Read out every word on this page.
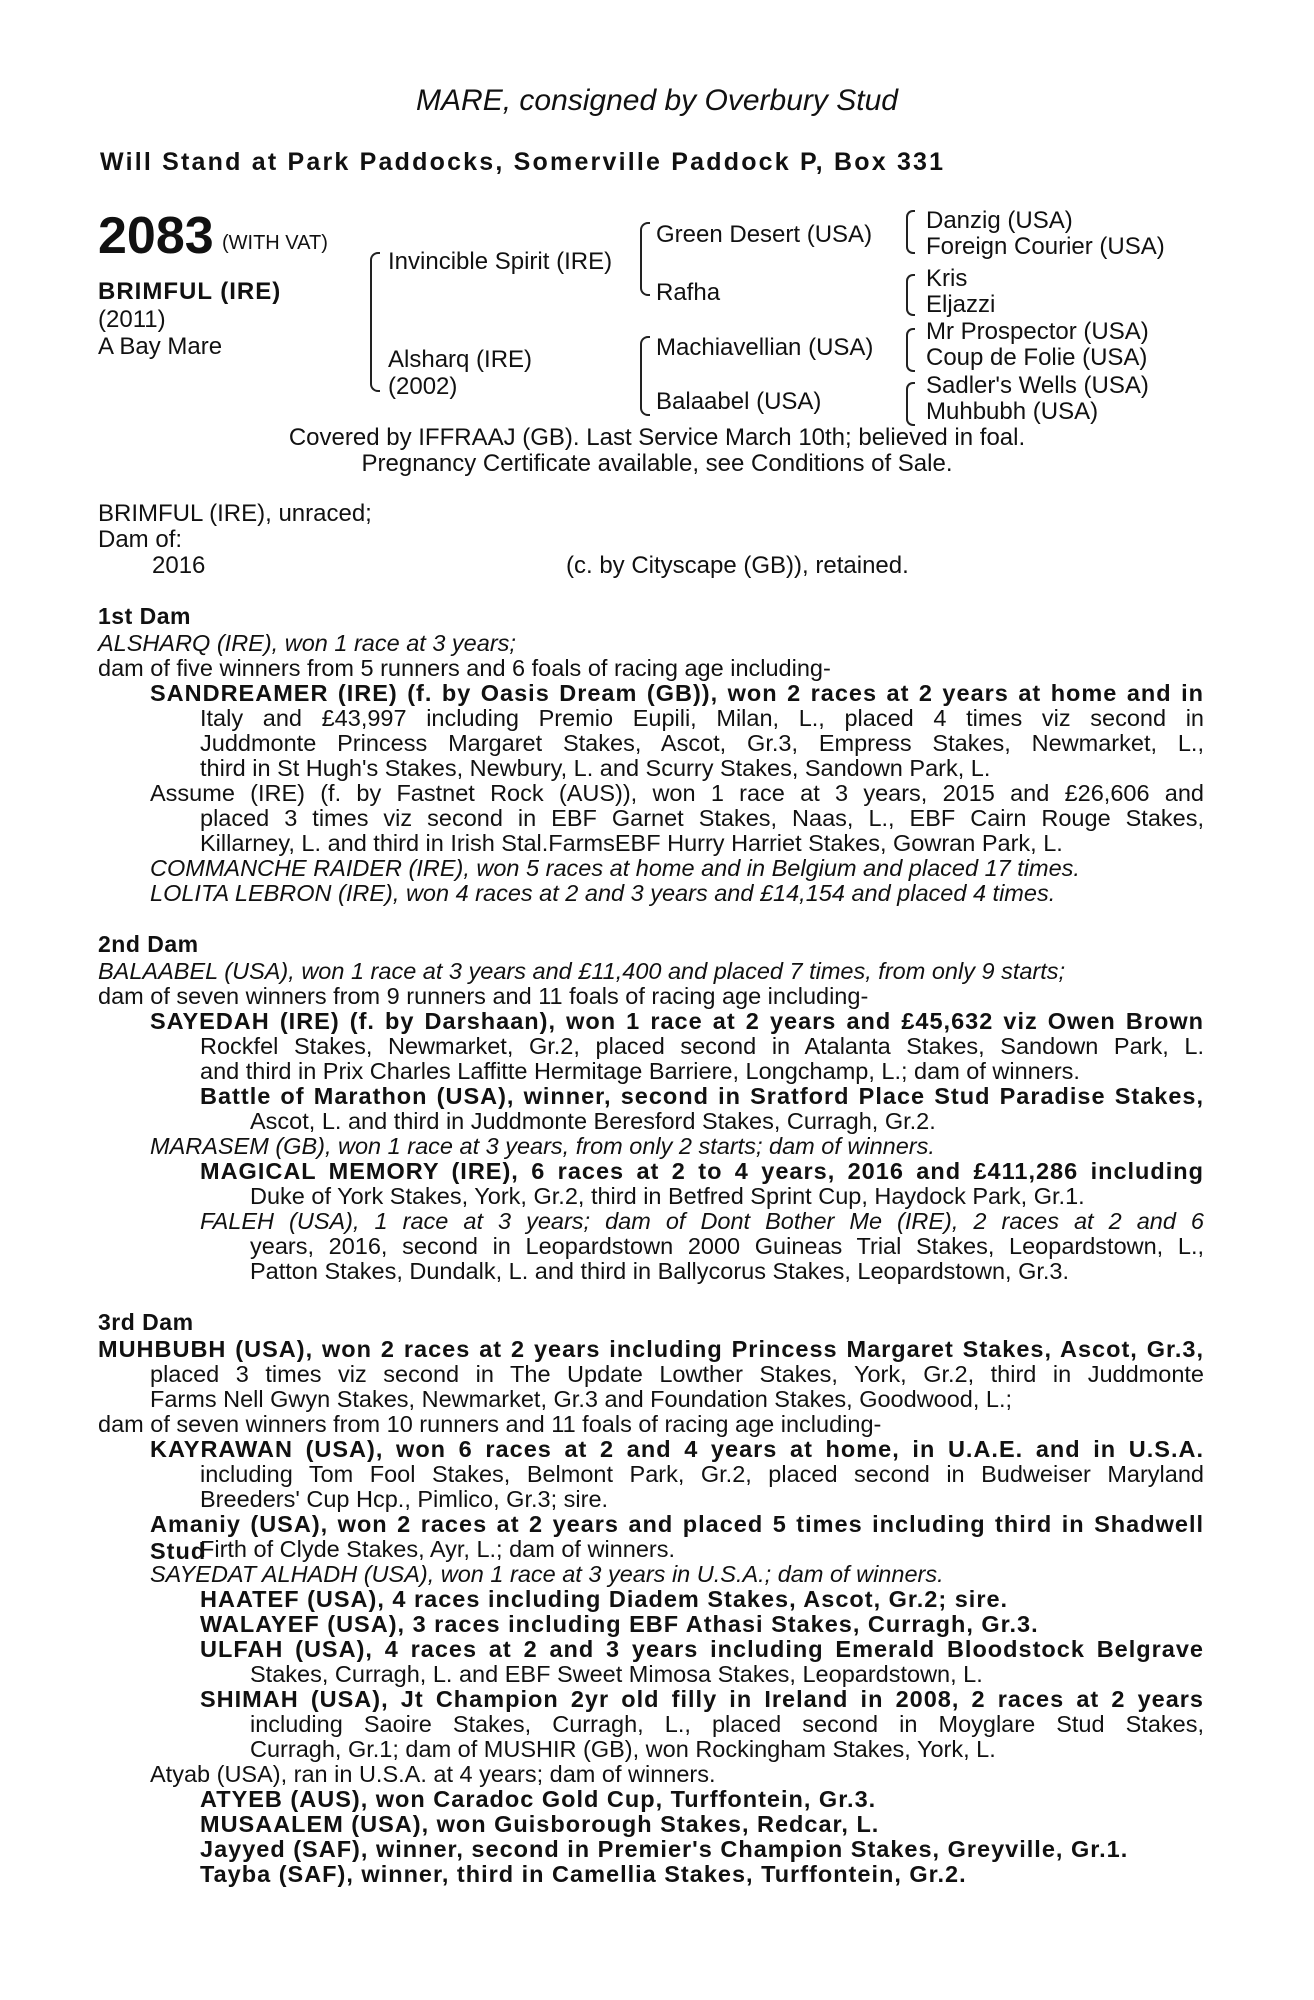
MARE, consigned by Overbury Stud
Will Stand at Park Paddocks, Somerville Paddock P, Box 331
2083 (WITH VAT)
BRIMFUL (IRE)
(2011)
A Bay Mare
Invincible Spirit (IRE)
Alsharq (IRE)
(2002)
Green Desert (USA)
Rafha
Machiavellian (USA)
Balaabel (USA)
Danzig (USA)
Foreign Courier (USA)
Kris
Eljazzi
Mr Prospector (USA)
Coup de Folie (USA)
Sadler's Wells (USA)
Muhbubh (USA)
Covered by IFFRAAJ (GB). Last Service March 10th; believed in foal.
Pregnancy Certificate available, see Conditions of Sale.
BRIMFUL (IRE), unraced;
Dam of:
2016	(c. by Cityscape (GB)), retained.
1st Dam
ALSHARQ (IRE), won 1 race at 3 years;
dam of five winners from 5 runners and 6 foals of racing age including-
SANDREAMER (IRE) (f. by Oasis Dream (GB)), won 2 races at 2 years at home and in
Italy and £43,997 including Premio Eupili, Milan, L., placed 4 times viz second in
Juddmonte Princess Margaret Stakes, Ascot, Gr.3, Empress Stakes, Newmarket, L.,
third in St Hugh's Stakes, Newbury, L. and Scurry Stakes, Sandown Park, L.
Assume (IRE) (f. by Fastnet Rock (AUS)), won 1 race at 3 years, 2015 and £26,606 and
placed 3 times viz second in EBF Garnet Stakes, Naas, L., EBF Cairn Rouge Stakes,
Killarney, L. and third in Irish Stal.FarmsEBF Hurry Harriet Stakes, Gowran Park, L.
COMMANCHE RAIDER (IRE), won 5 races at home and in Belgium and placed 17 times.
LOLITA LEBRON (IRE), won 4 races at 2 and 3 years and £14,154 and placed 4 times.
2nd Dam
BALAABEL (USA), won 1 race at 3 years and £11,400 and placed 7 times, from only 9 starts;
dam of seven winners from 9 runners and 11 foals of racing age including-
SAYEDAH (IRE) (f. by Darshaan), won 1 race at 2 years and £45,632 viz Owen Brown
Rockfel Stakes, Newmarket, Gr.2, placed second in Atalanta Stakes, Sandown Park, L.
and third in Prix Charles Laffitte Hermitage Barriere, Longchamp, L.; dam of winners.
Battle of Marathon (USA), winner, second in Sratford Place Stud Paradise Stakes,
Ascot, L. and third in Juddmonte Beresford Stakes, Curragh, Gr.2.
MARASEM (GB), won 1 race at 3 years, from only 2 starts; dam of winners.
MAGICAL MEMORY (IRE), 6 races at 2 to 4 years, 2016 and £411,286 including
Duke of York Stakes, York, Gr.2, third in Betfred Sprint Cup, Haydock Park, Gr.1.
FALEH (USA), 1 race at 3 years; dam of Dont Bother Me (IRE), 2 races at 2 and 6
years, 2016, second in Leopardstown 2000 Guineas Trial Stakes, Leopardstown, L.,
Patton Stakes, Dundalk, L. and third in Ballycorus Stakes, Leopardstown, Gr.3.
3rd Dam
MUHBUBH (USA), won 2 races at 2 years including Princess Margaret Stakes, Ascot, Gr.3,
placed 3 times viz second in The Update Lowther Stakes, York, Gr.2, third in Juddmonte
Farms Nell Gwyn Stakes, Newmarket, Gr.3 and Foundation Stakes, Goodwood, L.;
dam of seven winners from 10 runners and 11 foals of racing age including-
KAYRAWAN (USA), won 6 races at 2 and 4 years at home, in U.A.E. and in U.S.A.
including Tom Fool Stakes, Belmont Park, Gr.2, placed second in Budweiser Maryland
Breeders' Cup Hcp., Pimlico, Gr.3; sire.
Amaniy (USA), won 2 races at 2 years and placed 5 times including third in Shadwell Stud
Firth of Clyde Stakes, Ayr, L.; dam of winners.
SAYEDAT ALHADH (USA), won 1 race at 3 years in U.S.A.; dam of winners.
HAATEF (USA), 4 races including Diadem Stakes, Ascot, Gr.2; sire.
WALAYEF (USA), 3 races including EBF Athasi Stakes, Curragh, Gr.3.
ULFAH (USA), 4 races at 2 and 3 years including Emerald Bloodstock Belgrave
Stakes, Curragh, L. and EBF Sweet Mimosa Stakes, Leopardstown, L.
SHIMAH (USA), Jt Champion 2yr old filly in Ireland in 2008, 2 races at 2 years
including Saoire Stakes, Curragh, L., placed second in Moyglare Stud Stakes,
Curragh, Gr.1; dam of MUSHIR (GB), won Rockingham Stakes, York, L.
Atyab (USA), ran in U.S.A. at 4 years; dam of winners.
ATYEB (AUS), won Caradoc Gold Cup, Turffontein, Gr.3.
MUSAALEM (USA), won Guisborough Stakes, Redcar, L.
Jayyed (SAF), winner, second in Premier's Champion Stakes, Greyville, Gr.1.
Tayba (SAF), winner, third in Camellia Stakes, Turffontein, Gr.2.
